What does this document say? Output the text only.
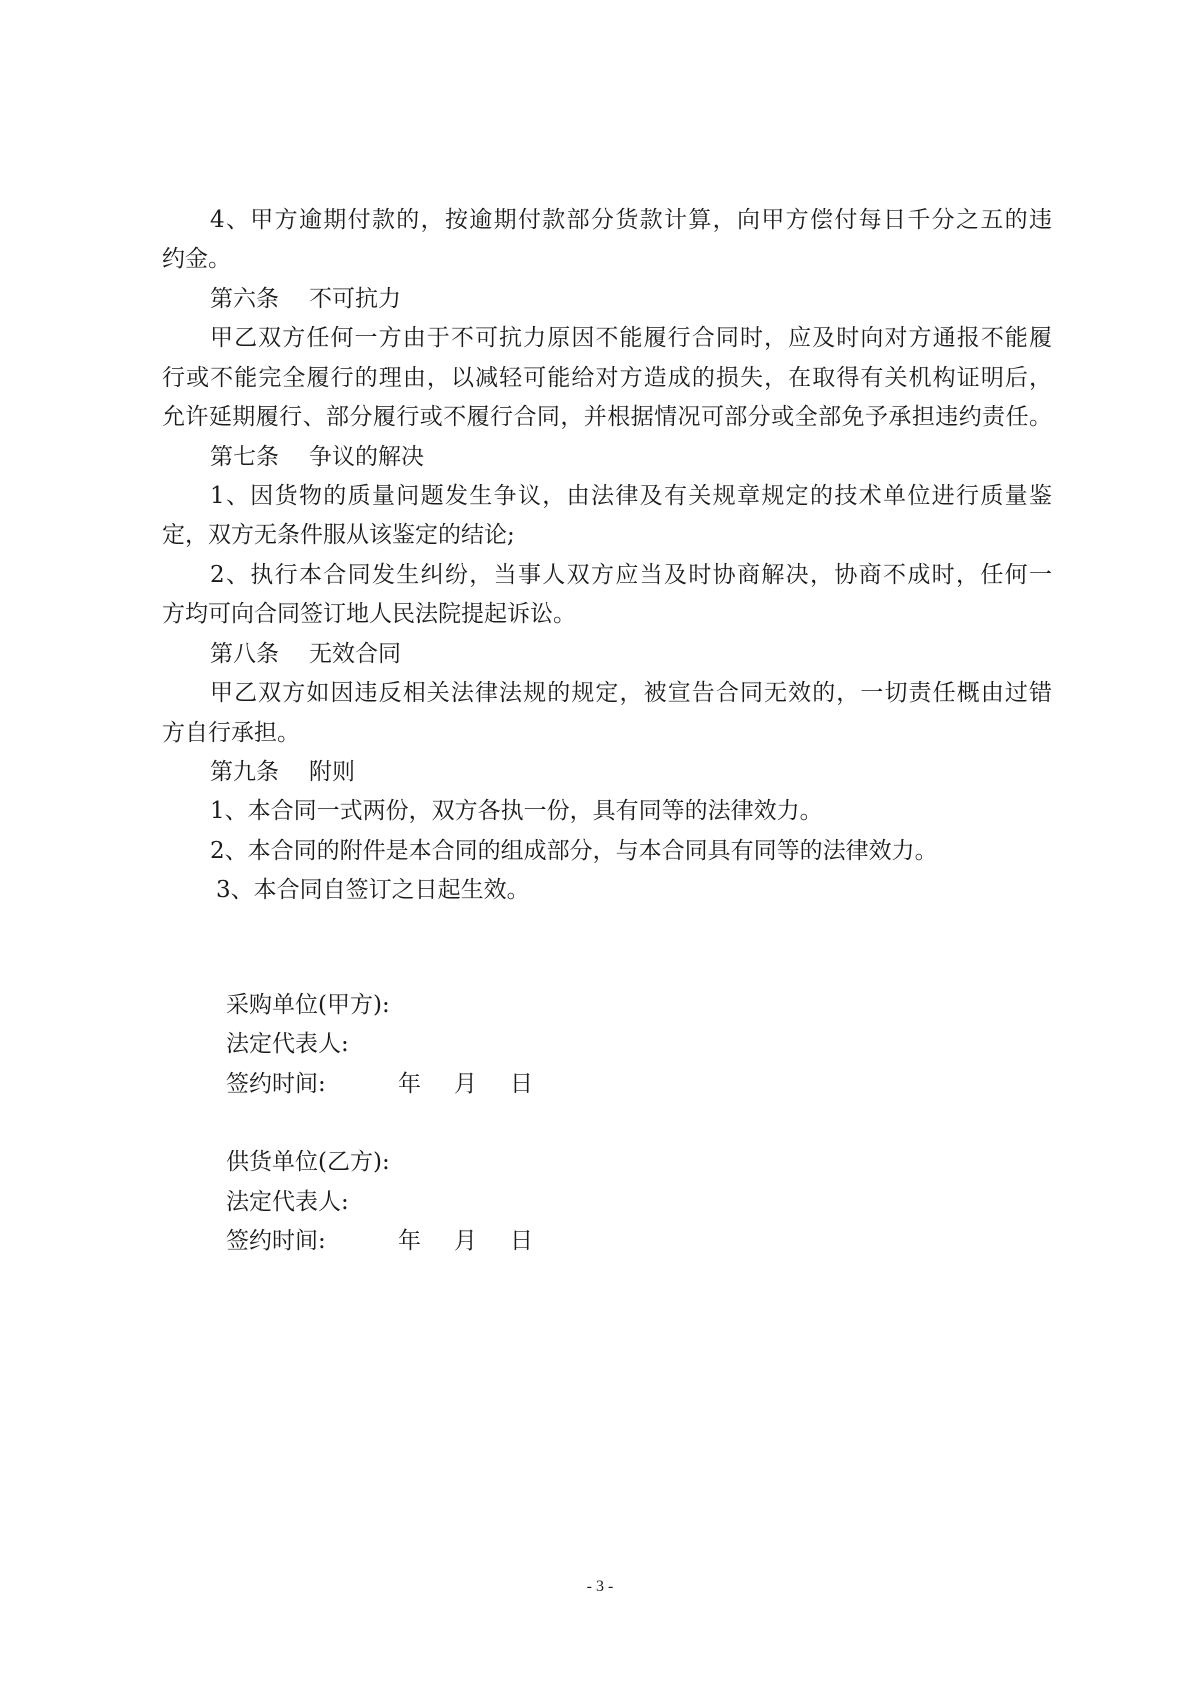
4、甲方逾期付款的，按逾期付款部分货款计算，向甲方偿付每日千分之五的违
约金。
第六条 不可抗力
甲乙双方任何一方由于不可抗力原因不能履行合同时，应及时向对方通报不能履
行或不能完全履行的理由，以减轻可能给对方造成的损失，在取得有关机构证明后，
允许延期履行、部分履行或不履行合同，并根据情况可部分或全部免予承担违约责任。
第七条 争议的解决
1、因货物的质量问题发生争议，由法律及有关规章规定的技术单位进行质量鉴
定，双方无条件服从该鉴定的结论;
2、执行本合同发生纠纷，当事人双方应当及时协商解决，协商不成时，任何一
方均可向合同签订地人民法院提起诉讼。
第八条 无效合同
甲乙双方如因违反相关法律法规的规定，被宣告合同无效的，一切责任概由过错
方自行承担。
第九条 附则
1、本合同一式两份，双方各执一份，具有同等的法律效力。
2、本合同的附件是本合同的组成部分，与本合同具有同等的法律效力。
3、本合同自签订之日起生效。
采购单位(甲方):
法定代表人:
签约时间:	年 月 日
供货单位(乙方):
法定代表人:
签约时间:	年 月 日
- 3 -
